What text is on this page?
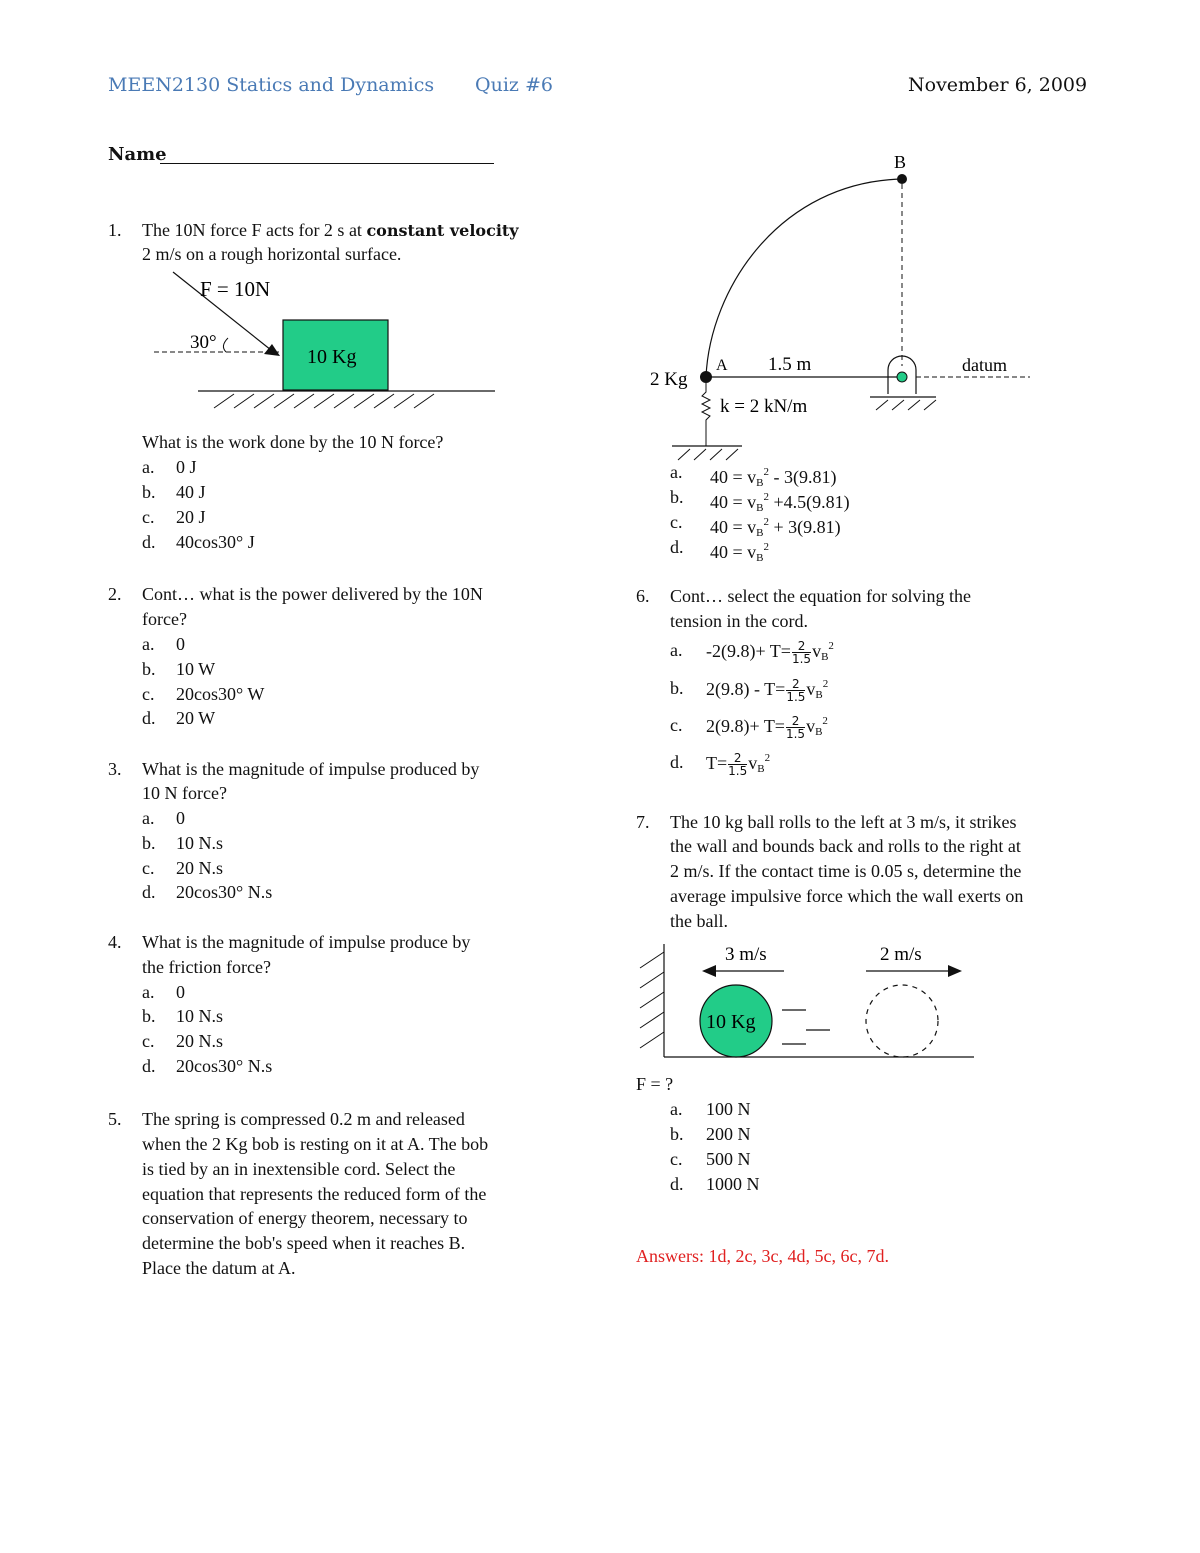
MEEN2130 Statics and Dynamics Quiz #6	November 6, 2009
Name
1. The 10N force F acts for 2 s at constant velocity
2 m/s on a rough horizontal surface.
F = 10N
30°
10 Kg
What is the work done by the 10 N force?
a. 0 J
b. 40 J
c. 20 J
d. 40cos30° J
2. Cont… what is the power delivered by the 10N
force?
a. 0
b. 10 W
c. 20cos30° W
d. 20 W
3. What is the magnitude of impulse produced by
10 N force?
a. 0
b. 10 N.s
c. 20 N.s
d. 20cos30° N.s
4. What is the magnitude of impulse produce by
the friction force?
a. 0
b. 10 N.s
c. 20 N.s
d. 20cos30° N.s
5. The spring is compressed 0.2 m and released
when the 2 Kg bob is resting on it at A. The bob
is tied by an in inextensible cord. Select the
equation that represents the reduced form of the
conservation of energy theorem, necessary to
determine the bob's speed when it reaches B.
Place the datum at A.
B
datum
A 1.5 m
2 Kg
k = 2 kN/m
a. $40 = v_B^2 - 3(9.81)$
b. $40 = v_B^2 +4.5(9.81)$
c. $40 = v_B^2 + 3(9.81)$
d. $40 = v_B^2$
6. Cont… select the equation for solving the
tension in the cord.
a. $-2(9.8)+ T= \frac{2}{1.5} v_B^2$
b. $2(9.8) - T= \frac{2}{1.5} v_B^2$
c. $2(9.8)+ T= \frac{2}{1.5} v_B^2$
d. $T= \frac{2}{1.5} v_B^2$
7. The 10 kg ball rolls to the left at 3 m/s, it strikes
the wall and bounds back and rolls to the right at
2 m/s. If the contact time is 0.05 s, determine the
average impulsive force which the wall exerts on
the ball.
3 m/s	2 m/s
10 Kg
F = ?
a. 100 N
b. 200 N
c. 500 N
d. 1000 N
Answers: 1d, 2c, 3c, 4d, 5c, 6c, 7d.
